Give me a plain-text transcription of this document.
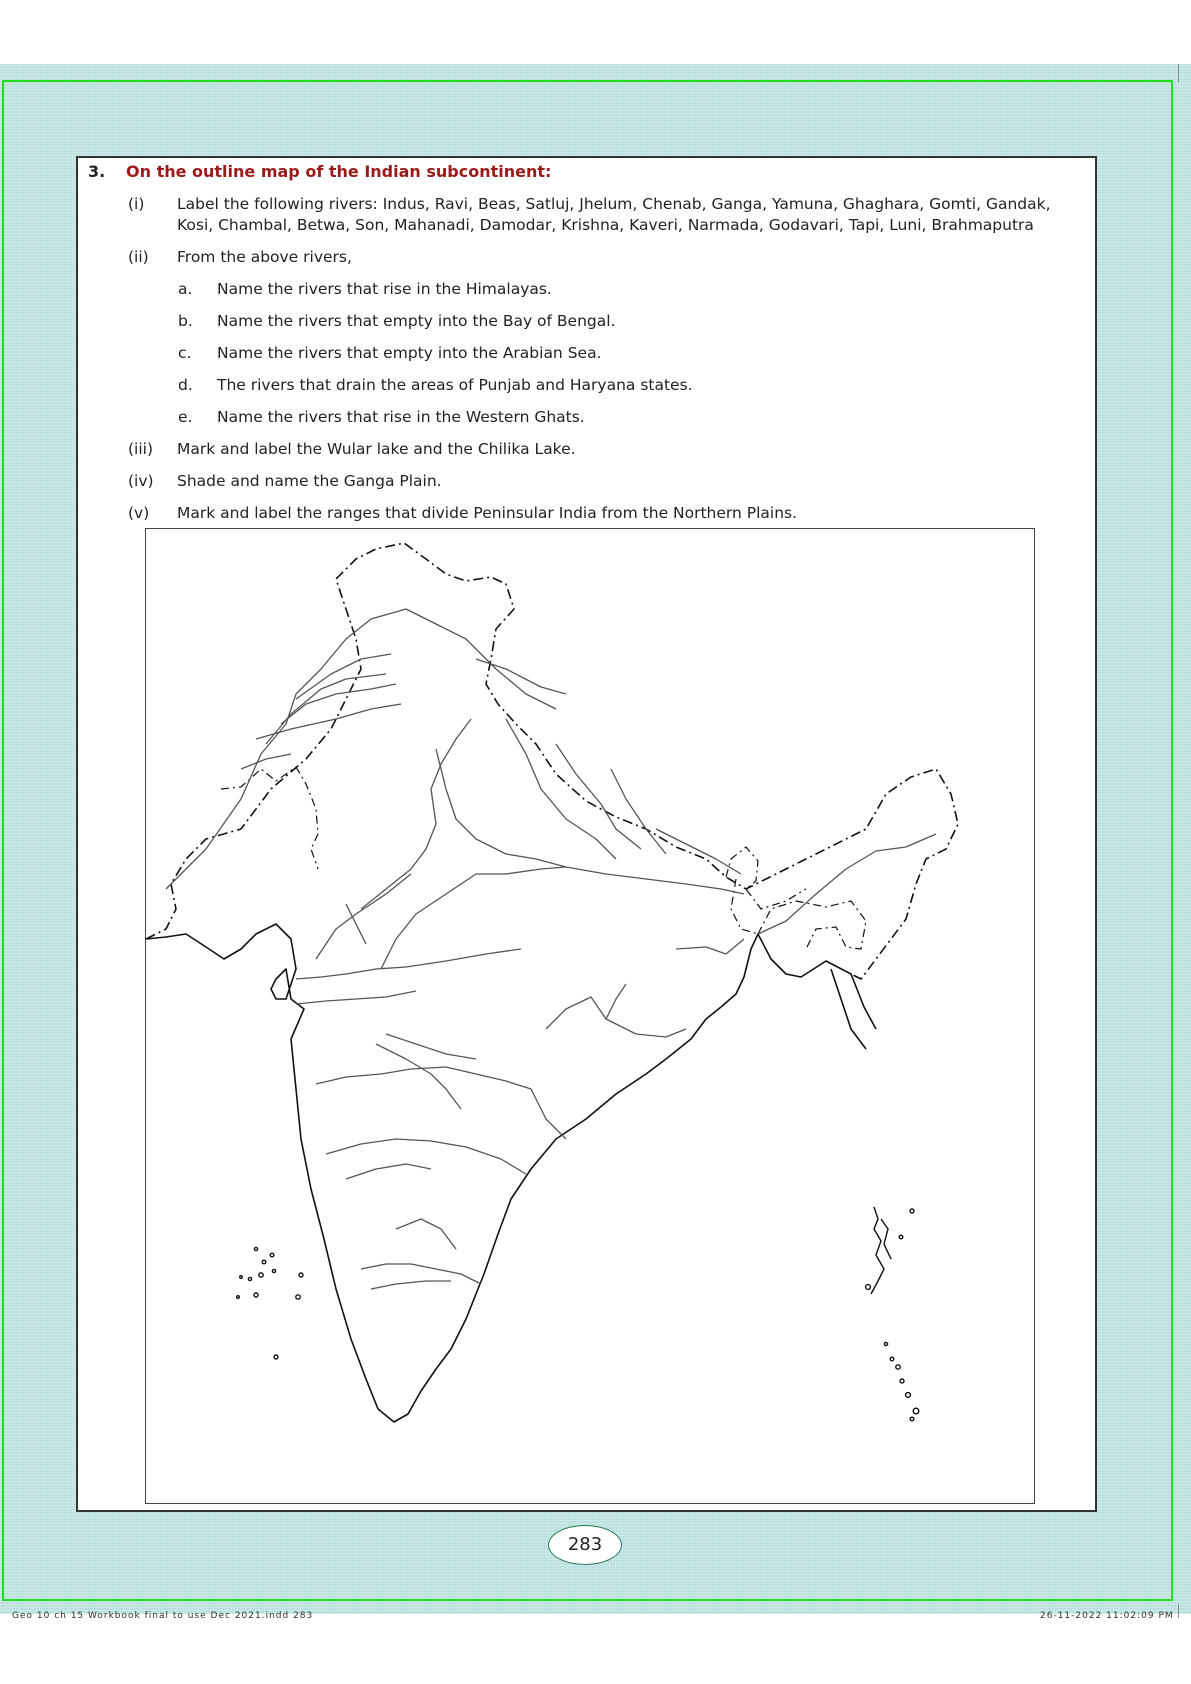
3. On the outline map of the Indian subcontinent:
(i) Label the following rivers: Indus, Ravi, Beas, Satluj, Jhelum, Chenab, Ganga, Yamuna, Ghaghara, Gomti, Gandak,
Kosi, Chambal, Betwa, Son, Mahanadi, Damodar, Krishna, Kaveri, Narmada, Godavari, Tapi, Luni, Brahmaputra
(ii) From the above rivers,
a. Name the rivers that rise in the Himalayas.
b. Name the rivers that empty into the Bay of Bengal.
c. Name the rivers that empty into the Arabian Sea.
d. The rivers that drain the areas of Punjab and Haryana states.
e. Name the rivers that rise in the Western Ghats.
(iii) Mark and label the Wular lake and the Chilika Lake.
(iv) Shade and name the Ganga Plain.
(v) Mark and label the ranges that divide Peninsular India from the Northern Plains.
283
Geo 10 ch 15 Workbook final to use Dec 2021.indd 283	26-11-2022 11:02:09 PM
